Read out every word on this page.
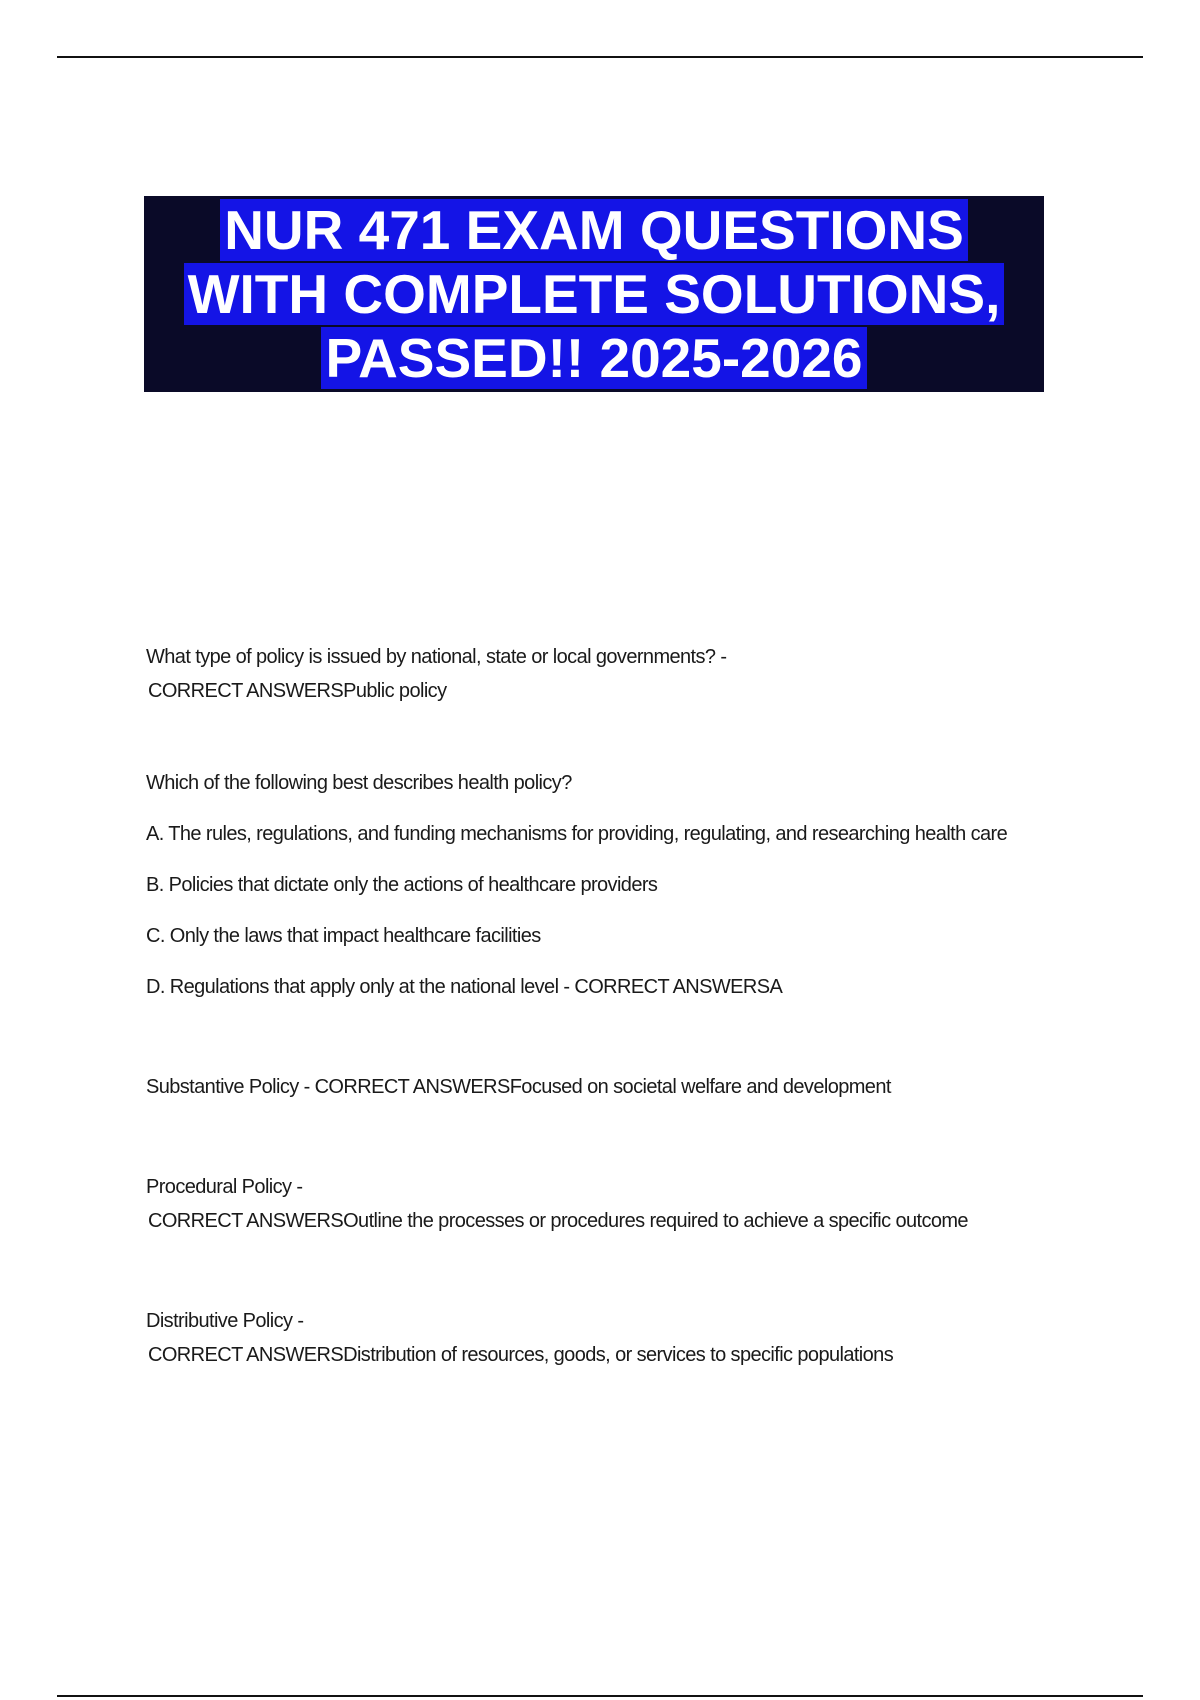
NUR 471 EXAM QUESTIONS
WITH COMPLETE SOLUTIONS,
PASSED!! 2025-2026

What type of policy is issued by national, state or local governments? -

CORRECT ANSWERSPublic policy

Which of the following best describes health policy?

A. The rules, regulations, and funding mechanisms for providing, regulating, and researching health care

B. Policies that dictate only the actions of healthcare providers

C. Only the laws that impact healthcare facilities

D. Regulations that apply only at the national level - CORRECT ANSWERSA

Substantive Policy - CORRECT ANSWERSFocused on societal welfare and development

Procedural Policy -

CORRECT ANSWERSOutline the processes or procedures required to achieve a specific outcome

Distributive Policy -

CORRECT ANSWERSDistribution of resources, goods, or services to specific populations
